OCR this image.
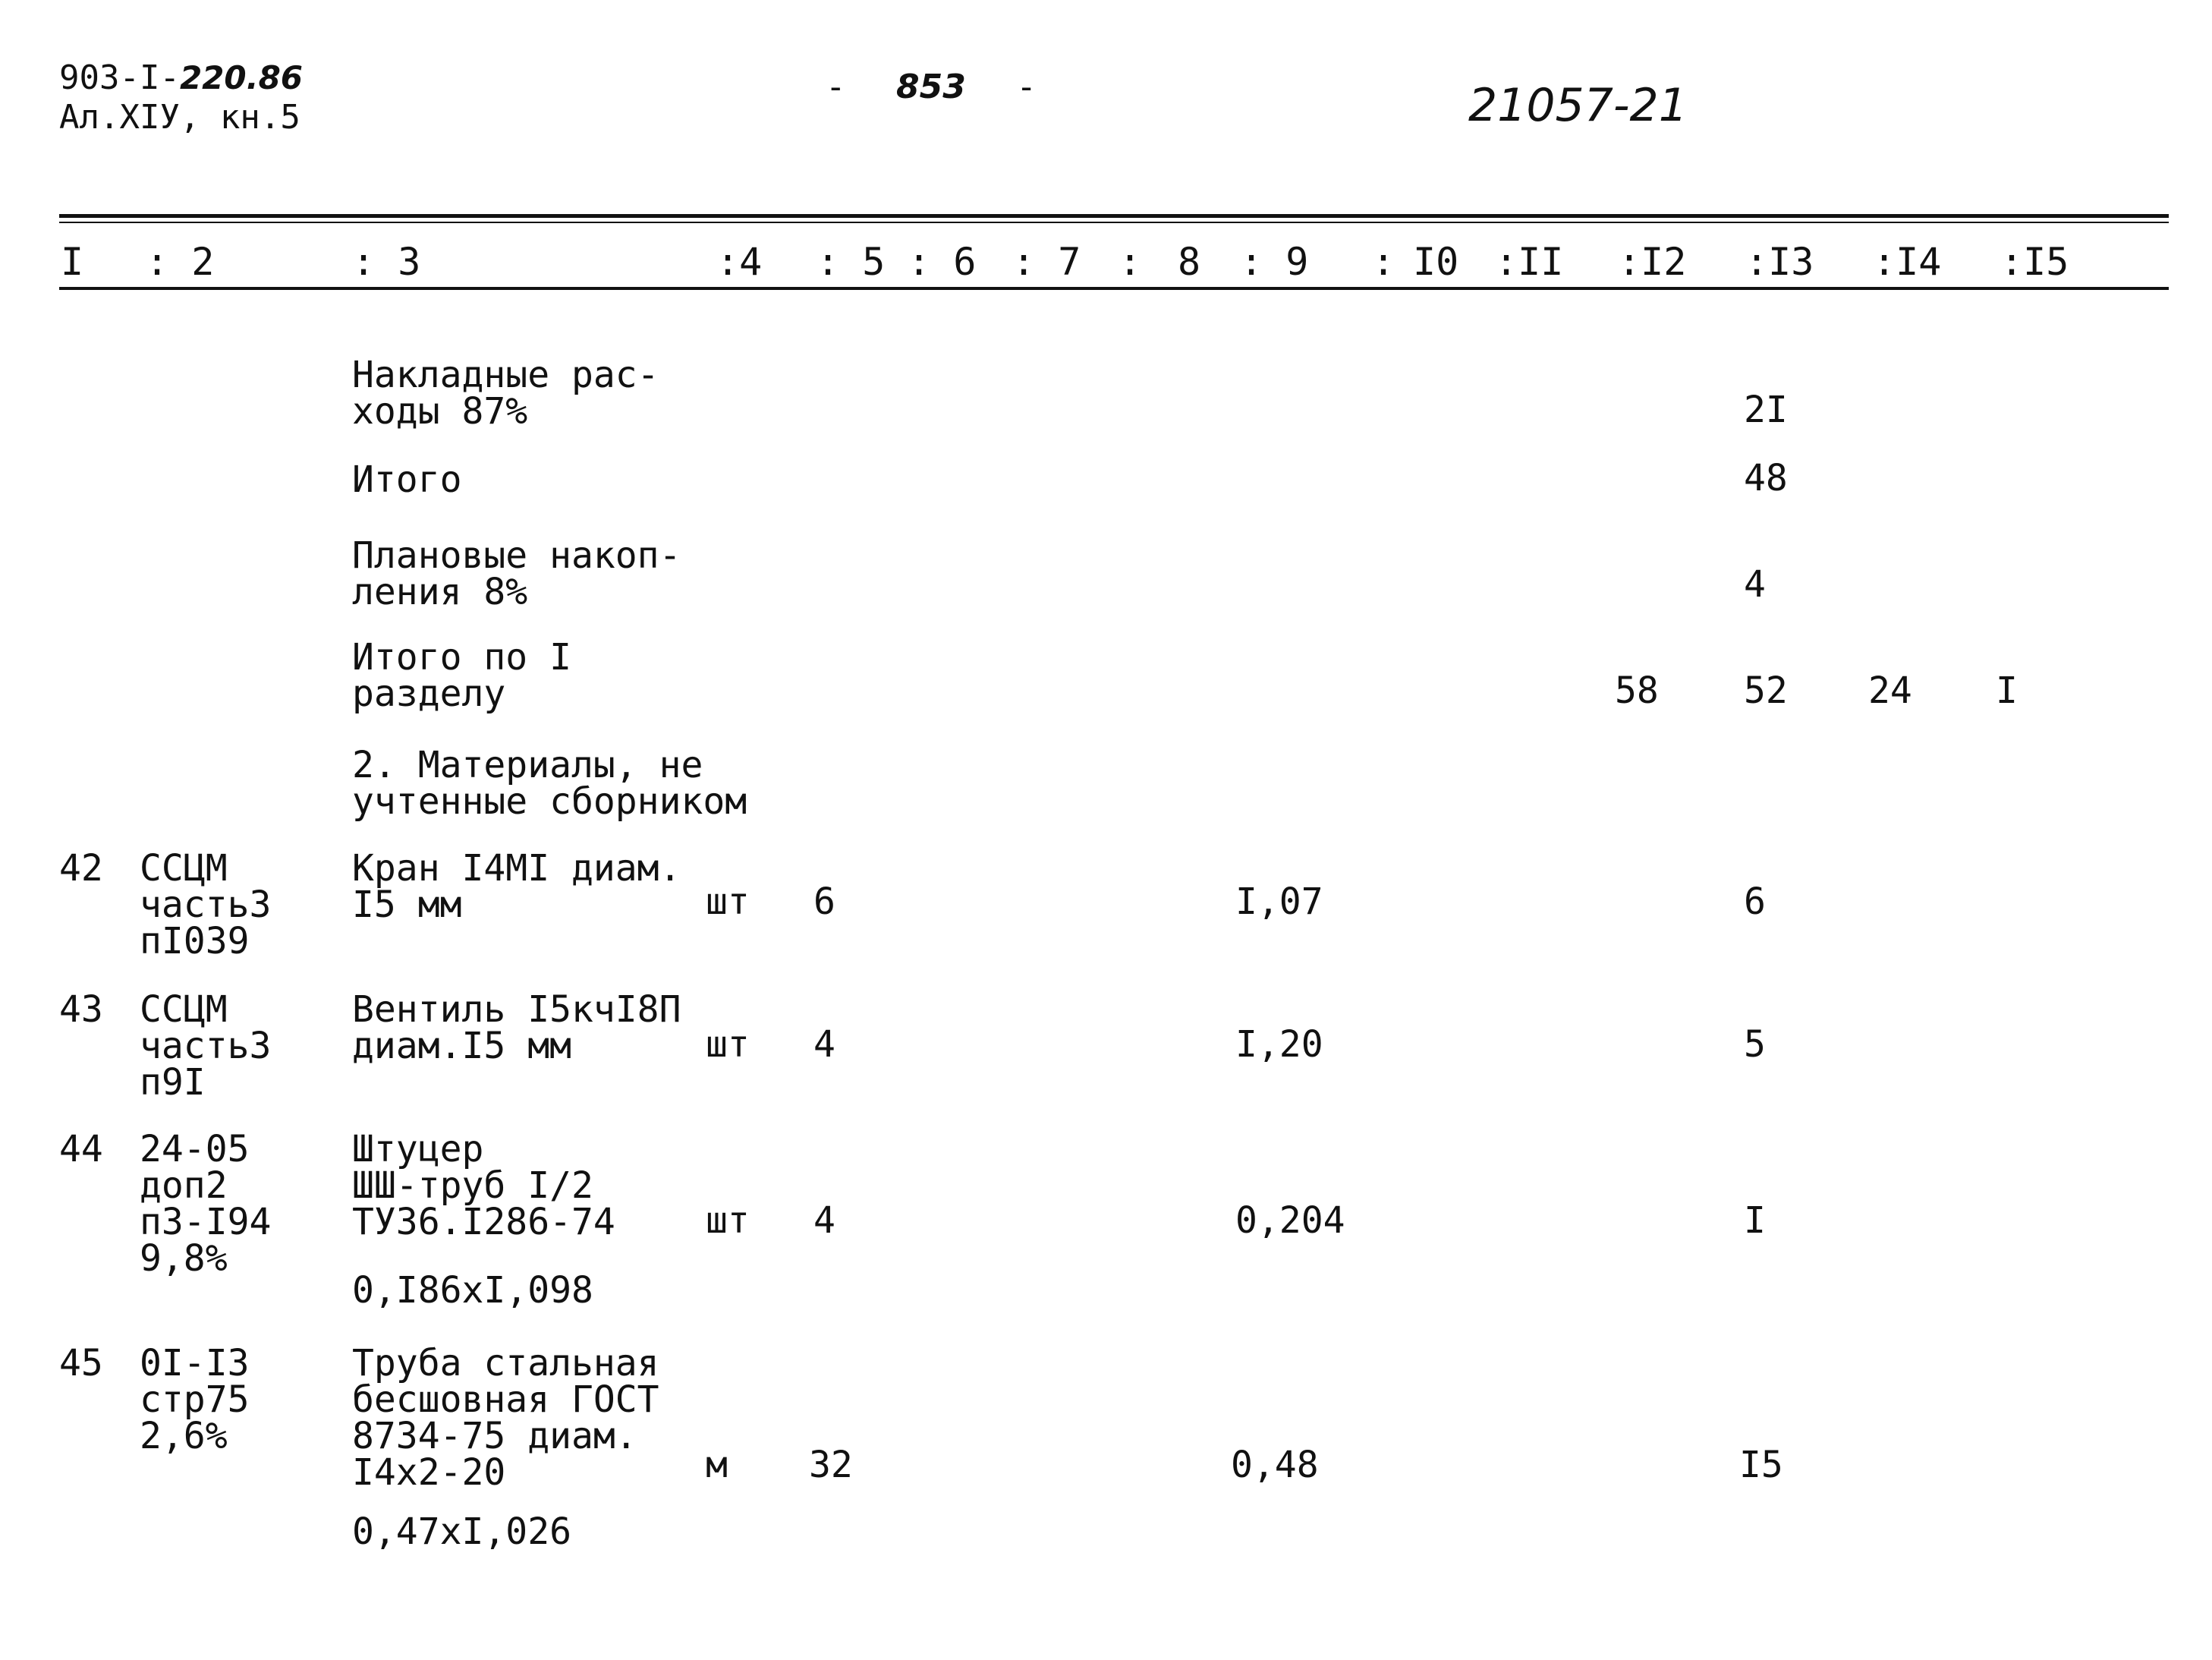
903-I-220.86
Ал.XIУ, кн.5
- 853 -	21057-21
I : 2	: 3	:4 : 5 : 6 : 7 : 8 : 9 : I0 :II :I2 :I3 :I4 :I5
Накладные рас-
ходы 87%	2I
Итого	48
Плановые накоп-
ления 8%	4
Итого по I
разделу	58 52 24 I
2. Материалы, не
учтенные сборником
42 ССЦМ
часть3
пI039
Кран I4MI диам.
I5 мм	шт 6	I,07	6
43 ССЦМ
часть3
п9I
Вентиль I5кчI8П
диам.I5 мм	шт 4	I,20	5
44 24-05
доп2
п3-I94
9,8%
Штуцер
ШШ-труб I/2
ТУ36.I286-74 шт 4	0,204	I
0,I86xI,098
45 0I-I3
стр75
2,6%
Труба стальная
бесшовная ГОСТ
8734-75 диам.
I4x2-20	м 32	0,48	I5
0,47xI,026
